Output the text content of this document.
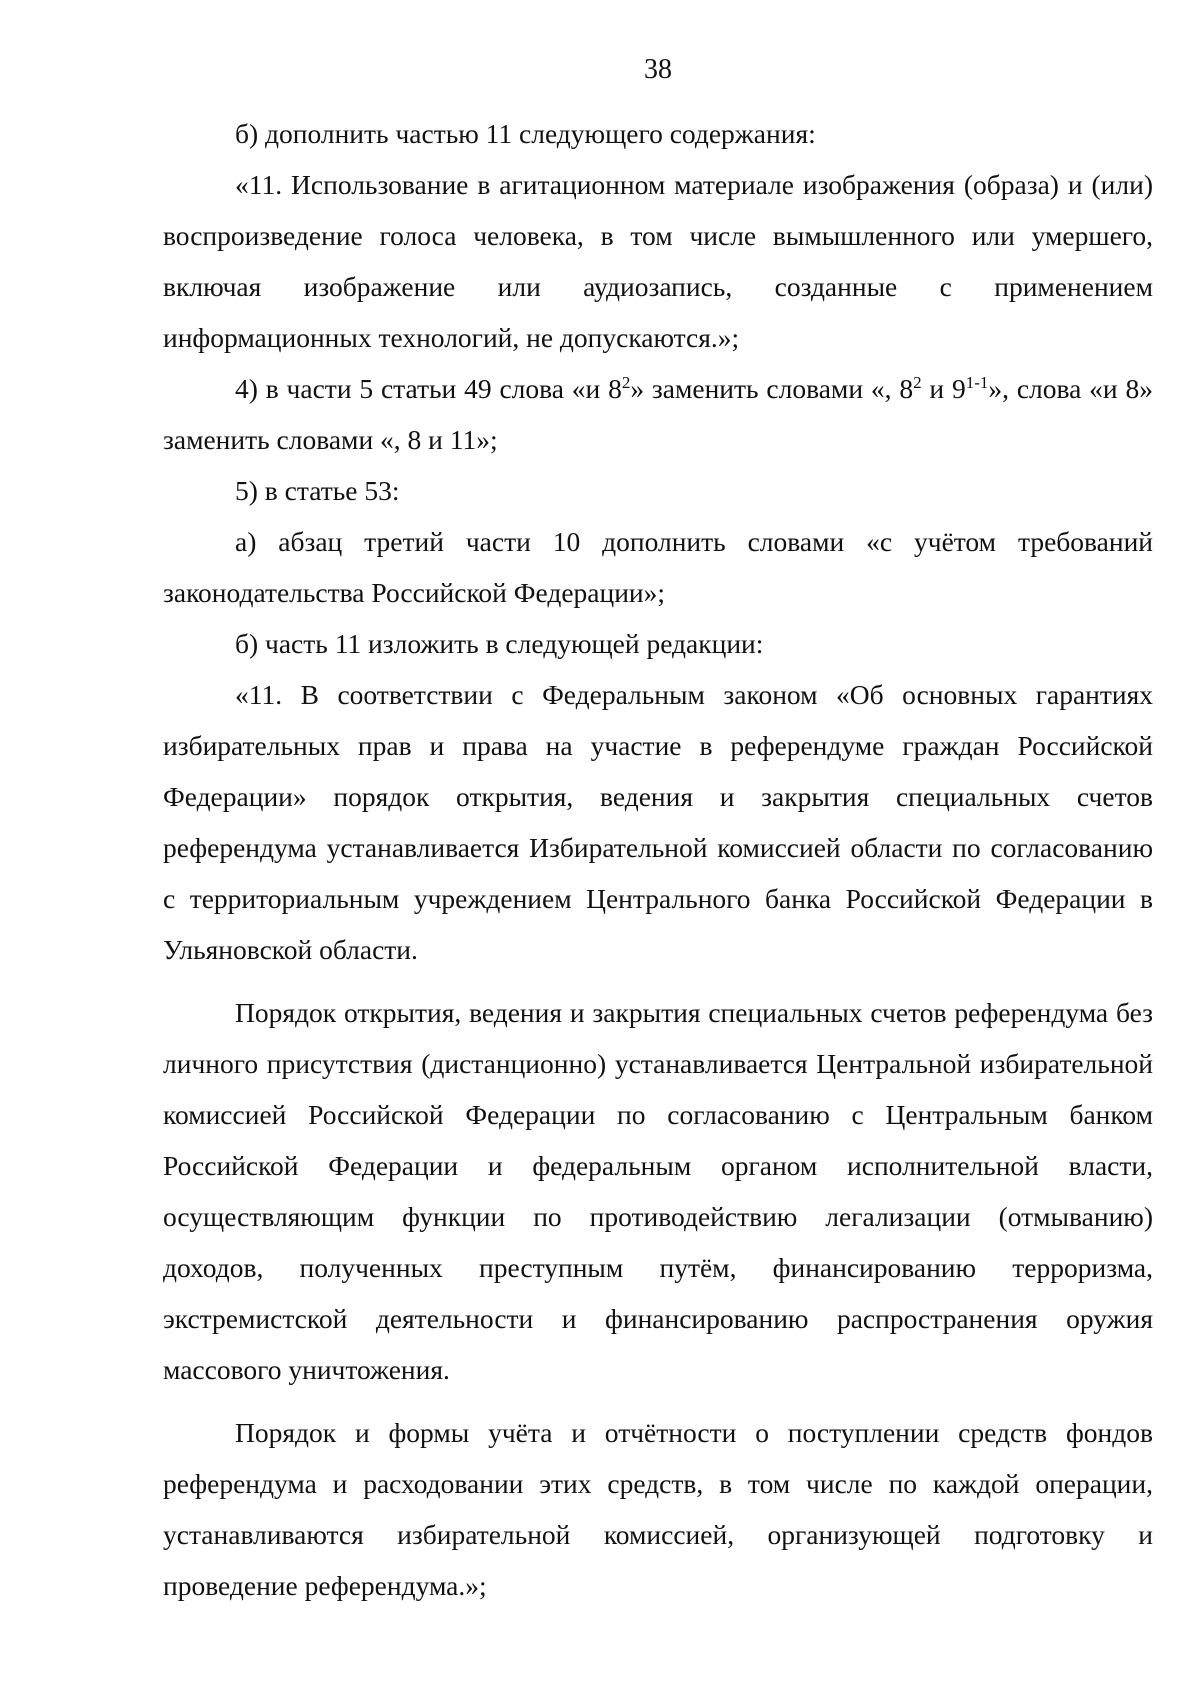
38

б) дополнить частью 11 следующего содержания:

«11. Использование в агитационном материале изображения (образа) и (или) воспроизведение голоса человека, в том числе вымышленного или умершего, включая изображение или аудиозапись, созданные с применением информационных технологий, не допускаются.»;

4) в части 5 статьи 49 слова «и $8^2$» заменить словами «, $8^2$ и 9$^{1-1}$», слова «и 8» заменить словами «, 8 и 11»;

5) в статье 53:

а) абзац третий части 10 дополнить словами «с учётом требований законодательства Российской Федерации»;

б) часть 11 изложить в следующей редакции:

«11. В соответствии с Федеральным законом «Об основных гарантиях избирательных прав и права на участие в референдуме граждан Российской Федерации» порядок открытия, ведения и закрытия специальных счетов референдума устанавливается Избирательной комиссией области по согласованию с территориальным учреждением Центрального банка Российской Федерации в Ульяновской области.

Порядок открытия, ведения и закрытия специальных счетов референдума без личного присутствия (дистанционно) устанавливается Центральной избирательной комиссией Российской Федерации по согласованию с Центральным банком Российской Федерации и федеральным органом исполнительной власти, осуществляющим функции по противодействию легализации (отмыванию) доходов, полученных преступным путём, финансированию терроризма, экстремистской деятельности и финансированию распространения оружия массового уничтожения.

Порядок и формы учёта и отчётности о поступлении средств фондов референдума и расходовании этих средств, в том числе по каждой операции, устанавливаются избирательной комиссией, организующей подготовку и проведение референдума.»;
